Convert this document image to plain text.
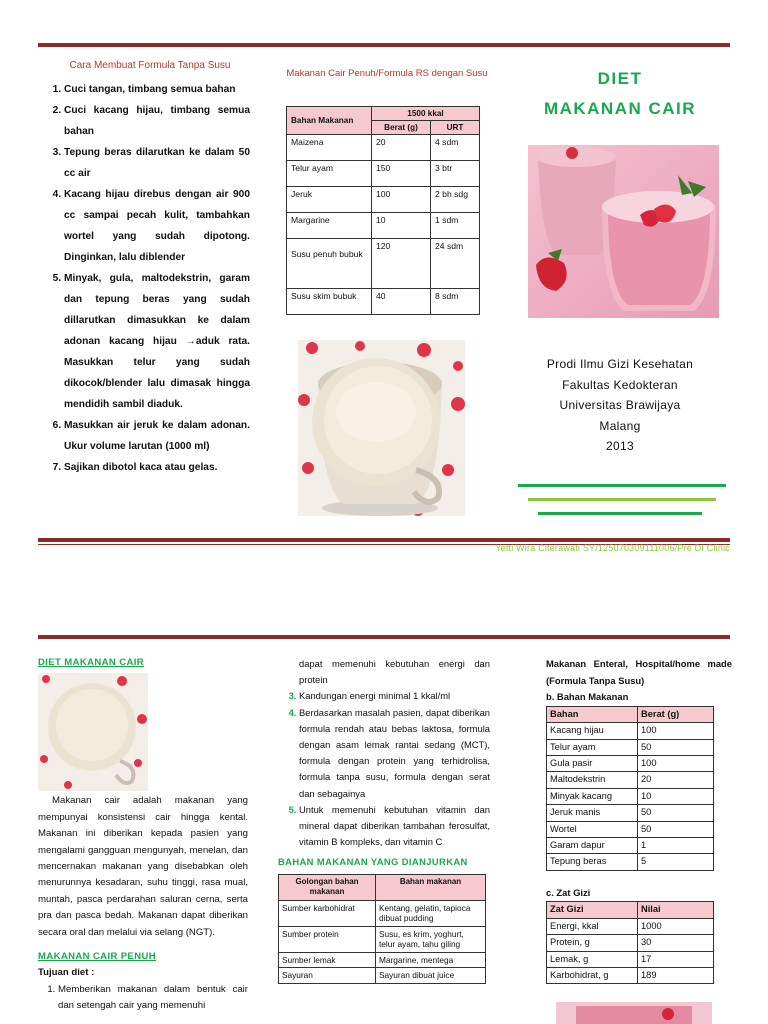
Cara Membuat Formula Tanpa Susu
1. Cuci tangan, timbang semua bahan
2. Cuci kacang hijau, timbang semua bahan
3. Tepung beras dilarutkan ke dalam 50 cc air
4. Kacang hijau direbus dengan air 900 cc sampai pecah kulit, tambahkan wortel yang sudah dipotong. Dinginkan, lalu diblender
5. Minyak, gula, maltodekstrin, garam dan tepung beras yang sudah dillarutkan dimasukkan ke dalam adonan kacang hijau →aduk rata. Masukkan telur yang sudah dikocok/blender lalu dimasak hingga mendidih sambil diaduk.
6. Masukkan air jeruk ke dalam adonan. Ukur volume larutan (1000 ml)
7. Sajikan dibotol kaca atau gelas.
Makanan Cair Penuh/Formula RS dengan Susu
Bahan Makanan	1500 kkal	
	Berat (g)	URT
Maizena	20	4 sdm
Telur ayam	150	3 btr
Jeruk	100	2 bh sdg
Margarine	10	1 sdm
Susu penuh bubuk	120	24 sdm
Susu skim bubuk	40	8 sdm
DIET
MAKANAN CAIR
Prodi Ilmu Gizi Kesehatan
Fakultas Kedokteran
Universitas Brawijaya
Malang
2013
Yetti Wira Citerawati SY/125070309111006/Pre DI Clinic
DIET MAKANAN CAIR

Makanan cair adalah makanan yang mempunyai konsistensi cair hingga kental. Makanan ini diberikan kepada pasien yang mengalami gangguan mengunyah, menelan, dan mencernakan makanan yang disebabkan oleh menurunnya kesadaran, suhu tinggi, rasa mual, muntah, pasca perdarahan saluran cerna, serta pra dan pasca bedah. Makanan dapat diberikan secara oral dan melalui via selang (NGT).

MAKANAN CAIR PENUH
Tujuan diet :
1. Memberikan makanan dalam bentuk cair dan setengah cair yang memenuhi
dapat memenuhi kebutuhan energi dan protein
3. Kandungan energi minimal 1 kkal/ml
4. Berdasarkan masalah pasien, dapat diberikan formula rendah atau bebas laktosa, formula dengan asam lemak rantai sedang (MCT), formula dengan protein yang terhidrolisa, formula tanpa susu, formula dengan serat dan sebagainya
5. Untuk memenuhi kebutuhan vitamin dan mineral dapat diberikan tambahan ferosulfat, vitamin B kompleks, dan vitamin C
BAHAN MAKANAN YANG DIANJURKAN
Golongan bahan makanan	Bahan makanan
Sumber karbohidrat	Kentang, gelatin, tapioca dibuat pudding
Sumber protein	Susu, es krim, yoghurt, telur ayam, tahu giling
Sumber lemak	Margarine, mentega
Sayuran	Sayuran dibuat juice
Makanan Enteral, Hospital/home made (Formula Tanpa Susu)
b. Bahan Makanan
Bahan	Berat (g)
Kacang hijau	100
Telur ayam	50
Gula pasir	100
Maltodekstrin	20
Minyak kacang	10
Jeruk manis	50
Wortel	50
Garam dapur	1
Tepung beras	5
c. Zat Gizi
Zat Gizi	Nilai
Energi, kkal	1000
Protein, g	30
Lemak, g	17
Karbohidrat, g	189
